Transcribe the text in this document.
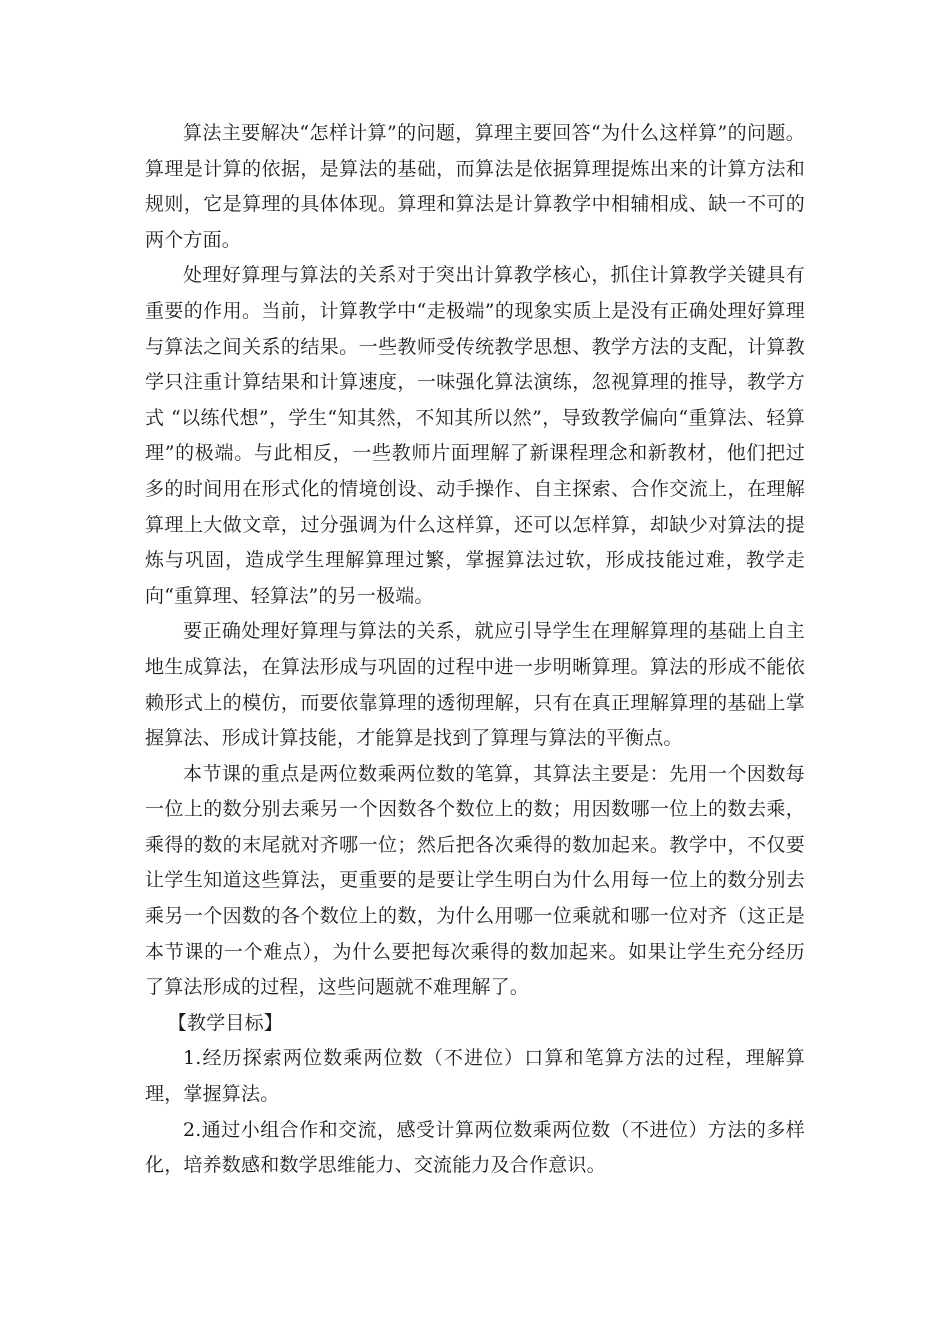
算法主要解决“怎样计算”的问题，算理主要回答“为什么这样算”的问题。算理是计算的依据，是算法的基础，而算法是依据算理提炼出来的计算方法和规则，它是算理的具体体现。算理和算法是计算教学中相辅相成、缺一不可的两个方面。

处理好算理与算法的关系对于突出计算教学核心，抓住计算教学关键具有重要的作用。当前，计算教学中“走极端”的现象实质上是没有正确处理好算理与算法之间关系的结果。一些教师受传统教学思想、教学方法的支配，计算教学只注重计算结果和计算速度，一味强化算法演练，忽视算理的推导，教学方式 “以练代想”，学生“知其然，不知其所以然”，导致教学偏向“重算法、轻算理”的极端。与此相反，一些教师片面理解了新课程理念和新教材，他们把过多的时间用在形式化的情境创设、动手操作、自主探索、合作交流上，在理解算理上大做文章，过分强调为什么这样算，还可以怎样算，却缺少对算法的提炼与巩固，造成学生理解算理过繁，掌握算法过软，形成技能过难，教学走向“重算理、轻算法”的另一极端。

要正确处理好算理与算法的关系，就应引导学生在理解算理的基础上自主地生成算法，在算法形成与巩固的过程中进一步明晰算理。算法的形成不能依赖形式上的模仿，而要依靠算理的透彻理解，只有在真正理解算理的基础上掌握算法、形成计算技能，才能算是找到了算理与算法的平衡点。

本节课的重点是两位数乘两位数的笔算，其算法主要是：先用一个因数每一位上的数分别去乘另一个因数各个数位上的数；用因数哪一位上的数去乘，乘得的数的末尾就对齐哪一位；然后把各次乘得的数加起来。教学中，不仅要让学生知道这些算法，更重要的是要让学生明白为什么用每一位上的数分别去乘另一个因数的各个数位上的数，为什么用哪一位乘就和哪一位对齐（这正是本节课的一个难点），为什么要把每次乘得的数加起来。如果让学生充分经历了算法形成的过程，这些问题就不难理解了。

【教学目标】

1.经历探索两位数乘两位数（不进位）口算和笔算方法的过程，理解算理，掌握算法。

2.通过小组合作和交流，感受计算两位数乘两位数（不进位）方法的多样化，培养数感和数学思维能力、交流能力及合作意识。
